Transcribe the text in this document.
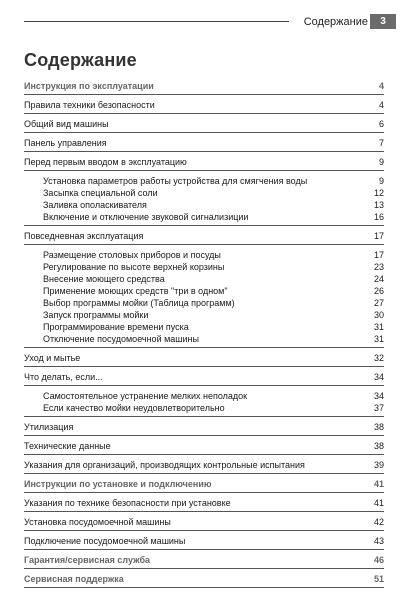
Содержание	3
Содержание
Инструкция по эксплуатации	4
Правила техники безопасности	4
Общий вид машины	6
Панель управления	7
Перед первым вводом в эксплуатацию	9
Установка параметров работы устройства для смягчения воды	9
Засыпка специальной соли	12
Заливка ополаскивателя	13
Включение и отключение звуковой сигнализиции	16
Повседневная эксплуатация	17
Размещение столовых приборов и посуды	17
Регулирование по высоте верхней корзины	23
Внесение моющего средства	24
Применение моющих средств "три в одном"	26
Выбор программы мойки (Таблица программ)	27
Запуск программы мойки	30
Программирование времени пуска	31
Отключение посудомоечной машины	31
Уход и мытье	32
Что делать, если...	34
Самостоятельное устранение мелких неполадок	34
Если качество мойки неудовлетворительно	37
Утилизация	38
Технические данные	38
Указания для организаций, производящих контрольные испытания	39
Инструкции по установке и подключению	41
Указания по технике безопасности при установке	41
Установка посудомоечной машины	42
Подключение посудомоечной машины	43
Гарантия/сервисная служба	46
Сервисная поддержка	51
